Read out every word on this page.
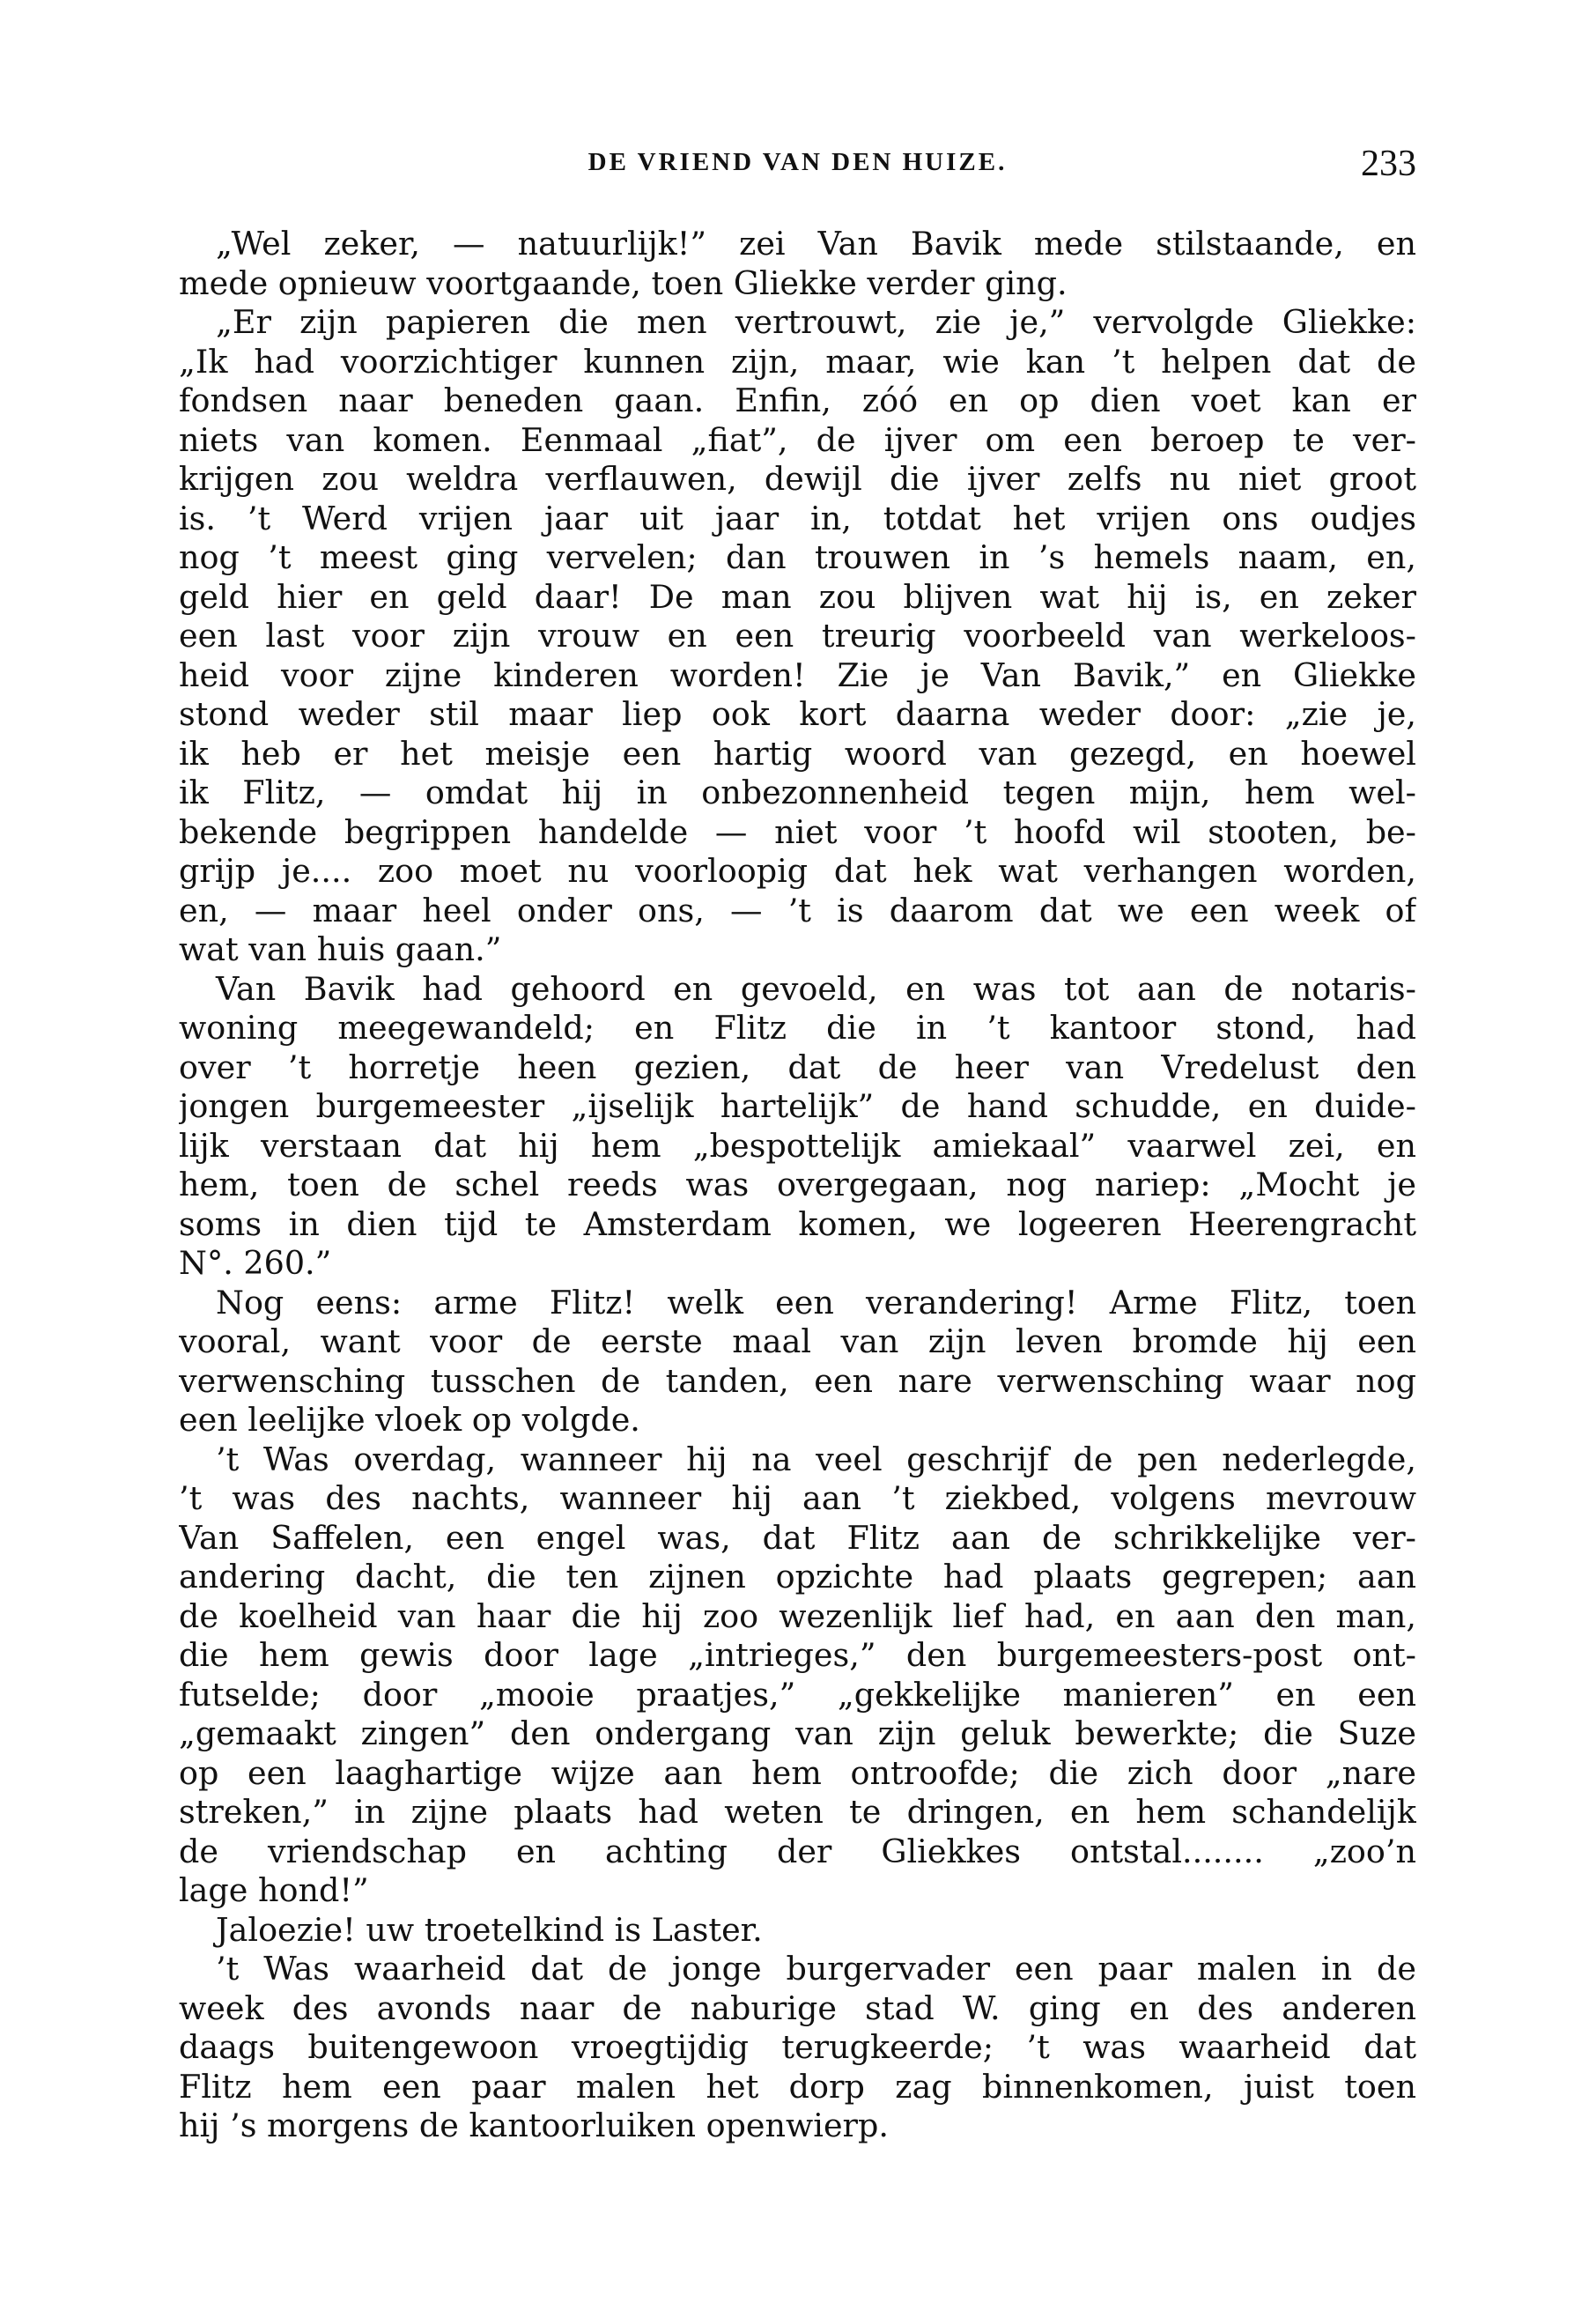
DE VRIEND VAN DEN HUIZE.	233
„Wel zeker, — natuurlijk!” zei Van Bavik mede stilstaande, en
mede opnieuw voortgaande, toen Gliekke verder ging.
„Er zijn papieren die men vertrouwt, zie je,” vervolgde Gliekke:
„Ik had voorzichtiger kunnen zijn, maar, wie kan ’t helpen dat de
fondsen naar beneden gaan. Enfin, zóó en op dien voet kan er
niets van komen. Eenmaal „fiat”, de ijver om een beroep te ver-
krijgen zou weldra verflauwen, dewijl die ijver zelfs nu niet groot
is. ’t Werd vrijen jaar uit jaar in, totdat het vrijen ons oudjes
nog ’t meest ging vervelen; dan trouwen in ’s hemels naam, en,
geld hier en geld daar! De man zou blijven wat hij is, en zeker
een last voor zijn vrouw en een treurig voorbeeld van werkeloos-
heid voor zijne kinderen worden! Zie je Van Bavik,” en Gliekke
stond weder stil maar liep ook kort daarna weder door: „zie je,
ik heb er het meisje een hartig woord van gezegd, en hoewel
ik Flitz, — omdat hij in onbezonnenheid tegen mijn, hem wel-
bekende begrippen handelde — niet voor ’t hoofd wil stooten, be-
grijp je.... zoo moet nu voorloopig dat hek wat verhangen worden,
en, — maar heel onder ons, — ’t is daarom dat we een week of
wat van huis gaan.”
Van Bavik had gehoord en gevoeld, en was tot aan de notaris-
woning meegewandeld; en Flitz die in ’t kantoor stond, had
over ’t horretje heen gezien, dat de heer van Vredelust den
jongen burgemeester „ijselijk hartelijk” de hand schudde, en duide-
lijk verstaan dat hij hem „bespottelijk amiekaal” vaarwel zei, en
hem, toen de schel reeds was overgegaan, nog nariep: „Mocht je
soms in dien tijd te Amsterdam komen, we logeeren Heerengracht
N°. 260.”
Nog eens: arme Flitz! welk een verandering! Arme Flitz, toen
vooral, want voor de eerste maal van zijn leven bromde hij een
verwensching tusschen de tanden, een nare verwensching waar nog
een leelijke vloek op volgde.
’t Was overdag, wanneer hij na veel geschrijf de pen nederlegde,
’t was des nachts, wanneer hij aan ’t ziekbed, volgens mevrouw
Van Saffelen, een engel was, dat Flitz aan de schrikkelijke ver-
andering dacht, die ten zijnen opzichte had plaats gegrepen; aan
de koelheid van haar die hij zoo wezenlijk lief had, en aan den man,
die hem gewis door lage „intrieges,” den burgemeesters-post ont-
futselde; door „mooie praatjes,” „gekkelijke manieren” en een
„gemaakt zingen” den ondergang van zijn geluk bewerkte; die Suze
op een laaghartige wijze aan hem ontroofde; die zich door „nare
streken,” in zijne plaats had weten te dringen, en hem schandelijk
de vriendschap en achting der Gliekkes ontstal........ „zoo’n
lage hond!”
Jaloezie! uw troetelkind is Laster.
’t Was waarheid dat de jonge burgervader een paar malen in de
week des avonds naar de naburige stad W. ging en des anderen
daags buitengewoon vroegtijdig terugkeerde; ’t was waarheid dat
Flitz hem een paar malen het dorp zag binnenkomen, juist toen
hij ’s morgens de kantoorluiken openwierp.
